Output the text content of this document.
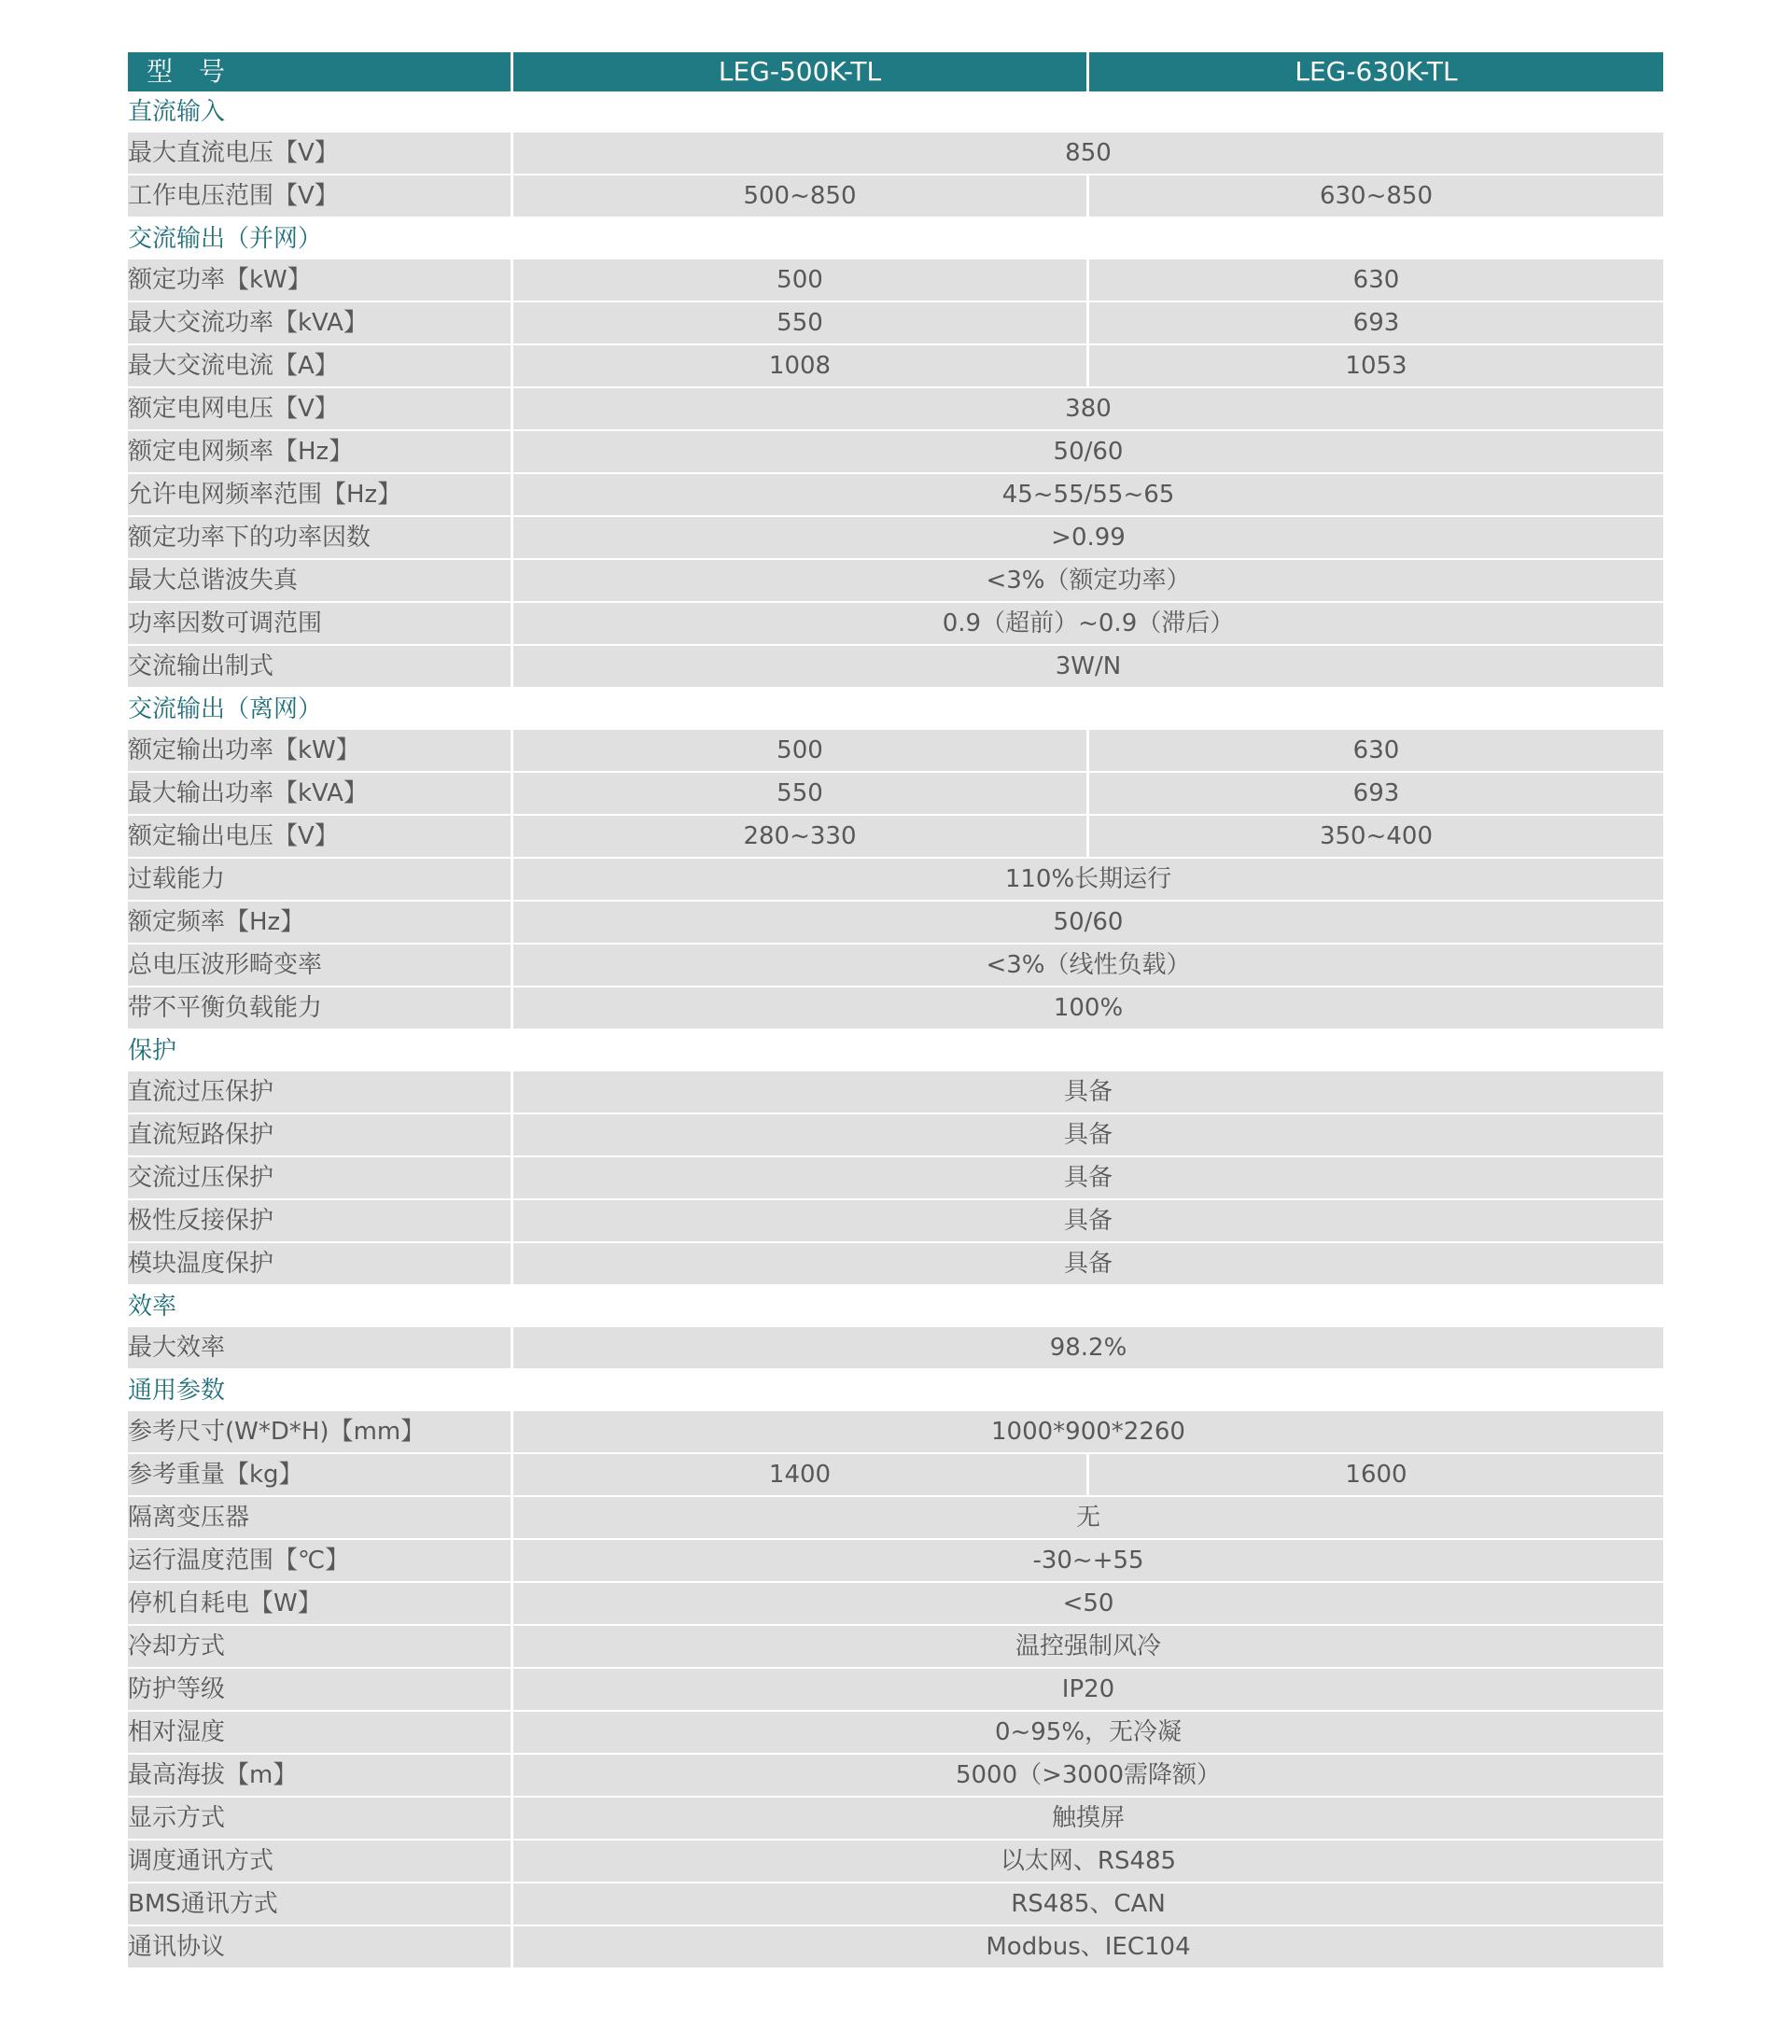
型号	LEG-500K-TL	LEG-630K-TL
直流输入		
最大直流电压【V】	850	
工作电压范围【V】	500~850	630~850
交流输出（并网）		
额定功率【kW】	500	630
最大交流功率【kVA】	550	693
最大交流电流【A】	1008	1053
额定电网电压【V】	380	
额定电网频率【Hz】	50/60	
允许电网频率范围【Hz】	45~55/55~65	
额定功率下的功率因数	>0.99	
最大总谐波失真	<3%（额定功率）	
功率因数可调范围	0.9（超前）~0.9（滞后）	
交流输出制式	3W/N	
交流输出（离网）		
额定输出功率【kW】	500	630
最大输出功率【kVA】	550	693
额定输出电压【V】	280~330	350~400
过载能力	110%长期运行	
额定频率【Hz】	50/60	
总电压波形畸变率	<3%（线性负载）	
带不平衡负载能力	100%	
保护		
直流过压保护	具备	
直流短路保护	具备	
交流过压保护	具备	
极性反接保护	具备	
模块温度保护	具备	
效率		
最大效率	98.2%	
通用参数		
参考尺寸(W*D*H)【mm】	1000*900*2260	
参考重量【kg】	1400	1600
隔离变压器	无	
运行温度范围【℃】	-30~+55	
停机自耗电【W】	<50	
冷却方式	温控强制风冷	
防护等级	IP20	
相对湿度	0~95%，无冷凝	
最高海拔【m】	5000（>3000需降额）	
显示方式	触摸屏	
调度通讯方式	以太网、RS485	
BMS通讯方式	RS485、CAN	
通讯协议	Modbus、IEC104	
